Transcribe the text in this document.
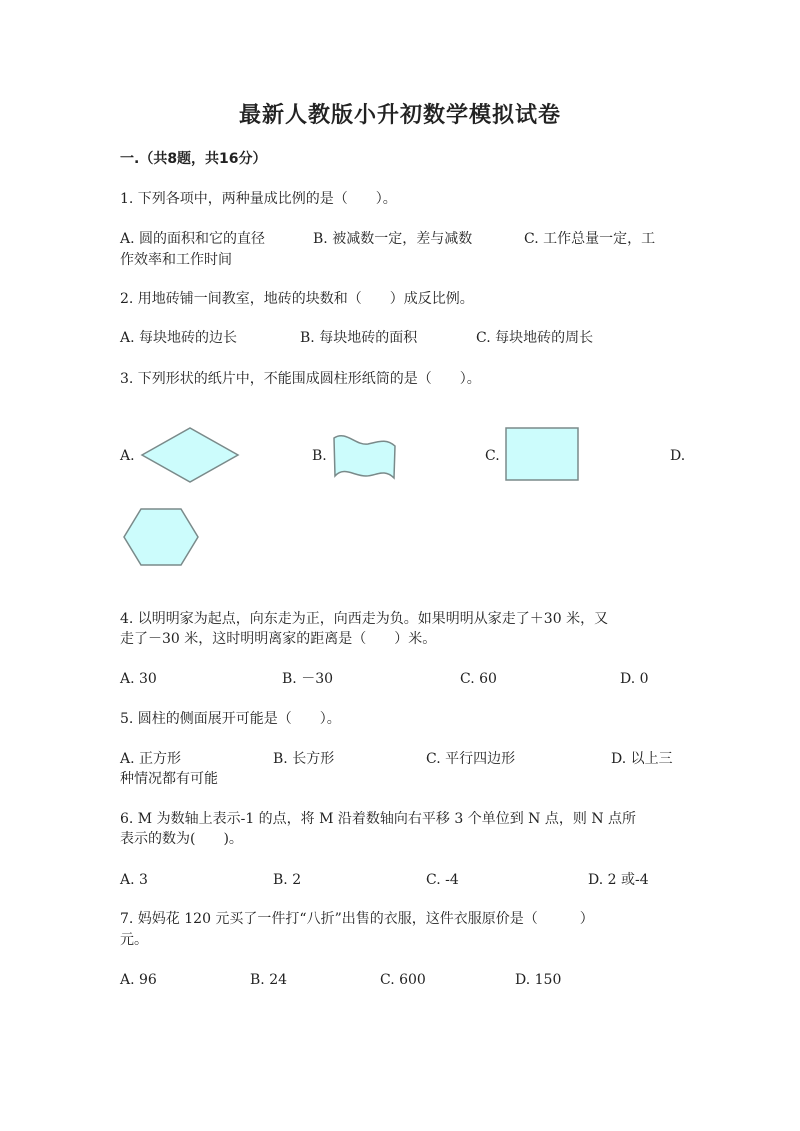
最新人教版小升初数学模拟试卷
一.（共8题，共16分）
1. 下列各项中，两种量成比例的是（　　）。
A. 圆的面积和它的直径	B. 被减数一定，差与减数	C. 工作总量一定，工
作效率和工作时间
2. 用地砖铺一间教室，地砖的块数和（　　）成反比例。
A. 每块地砖的边长	B. 每块地砖的面积	C. 每块地砖的周长
3. 下列形状的纸片中，不能围成圆柱形纸筒的是（　　）。
A.	B.	C.	D.
4. 以明明家为起点，向东走为正，向西走为负。如果明明从家走了＋30 米，又
走了－30 米，这时明明离家的距离是（　　）米。
A. 30	B. －30	C. 60	D. 0
5. 圆柱的侧面展开可能是（　　）。
A. 正方形	B. 长方形	C. 平行四边形	D. 以上三
种情况都有可能
6. M 为数轴上表示-1 的点，将 M 沿着数轴向右平移 3 个单位到 N 点，则 N 点所
表示的数为(　　)。
A. 3	B. 2	C. -4	D. 2 或-4
7. 妈妈花 120 元买了一件打“八折”出售的衣服，这件衣服原价是（　　　）
元。
A. 96	B. 24	C. 600	D. 150
